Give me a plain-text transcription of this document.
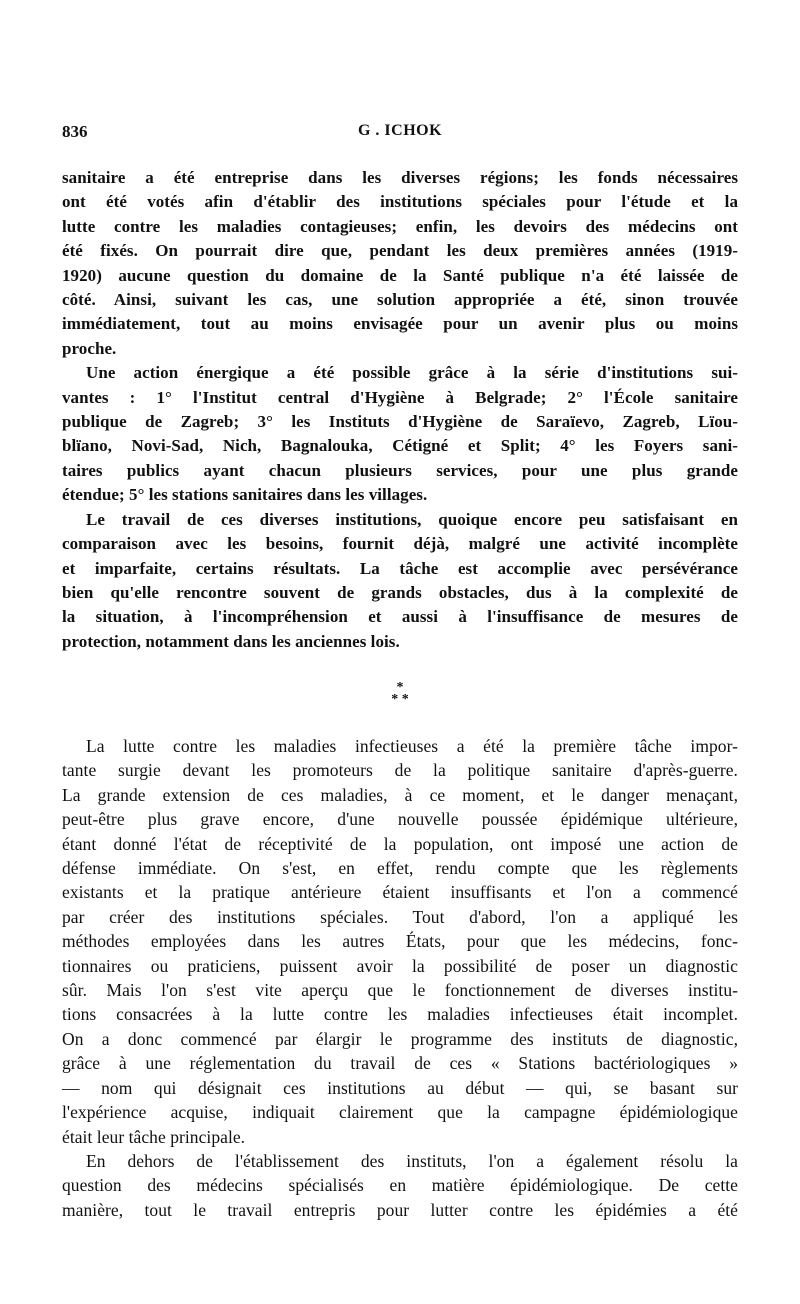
836	G . ICHOK

sanitaire a été entreprise dans les diverses régions; les fonds nécessaires
ont été votés afin d'établir des institutions spéciales pour l'étude et la
lutte contre les maladies contagieuses; enfin, les devoirs des médecins ont
été fixés. On pourrait dire que, pendant les deux premières années (1919-
1920) aucune question du domaine de la Santé publique n'a été laissée de
côté. Ainsi, suivant les cas, une solution appropriée a été, sinon trouvée
immédiatement, tout au moins envisagée pour un avenir plus ou moins
proche.

Une action énergique a été possible grâce à la série d'institutions sui-
vantes : 1° l'Institut central d'Hygiène à Belgrade; 2° l'École sanitaire
publique de Zagreb; 3° les Instituts d'Hygiène de Saraïevo, Zagreb, Lïou-
blïano, Novi-Sad, Nich, Bagnalouka, Cétigné et Split; 4° les Foyers sani-
taires publics ayant chacun plusieurs services, pour une plus grande
étendue; 5° les stations sanitaires dans les villages.

Le travail de ces diverses institutions, quoique encore peu satisfaisant en
comparaison avec les besoins, fournit déjà, malgré une activité incomplète
et imparfaite, certains résultats. La tâche est accomplie avec persévérance
bien qu'elle rencontre souvent de grands obstacles, dus à la complexité de
la situation, à l'incompréhension et aussi à l'insuffisance de mesures de
protection, notamment dans les anciennes lois.

*
* *

La lutte contre les maladies infectieuses a été la première tâche impor-
tante surgie devant les promoteurs de la politique sanitaire d'après-guerre.
La grande extension de ces maladies, à ce moment, et le danger menaçant,
peut-être plus grave encore, d'une nouvelle poussée épidémique ultérieure,
étant donné l'état de réceptivité de la population, ont imposé une action de
défense immédiate. On s'est, en effet, rendu compte que les règlements
existants et la pratique antérieure étaient insuffisants et l'on a commencé
par créer des institutions spéciales. Tout d'abord, l'on a appliqué les
méthodes employées dans les autres États, pour que les médecins, fonc-
tionnaires ou praticiens, puissent avoir la possibilité de poser un diagnostic
sûr. Mais l'on s'est vite aperçu que le fonctionnement de diverses institu-
tions consacrées à la lutte contre les maladies infectieuses était incomplet.
On a donc commencé par élargir le programme des instituts de diagnostic,
grâce à une réglementation du travail de ces « Stations bactériologiques »
— nom qui désignait ces institutions au début — qui, se basant sur
l'expérience acquise, indiquait clairement que la campagne épidémiologique
était leur tâche principale.

En dehors de l'établissement des instituts, l'on a également résolu la
question des médecins spécialisés en matière épidémiologique. De cette
manière, tout le travail entrepris pour lutter contre les épidémies a été
